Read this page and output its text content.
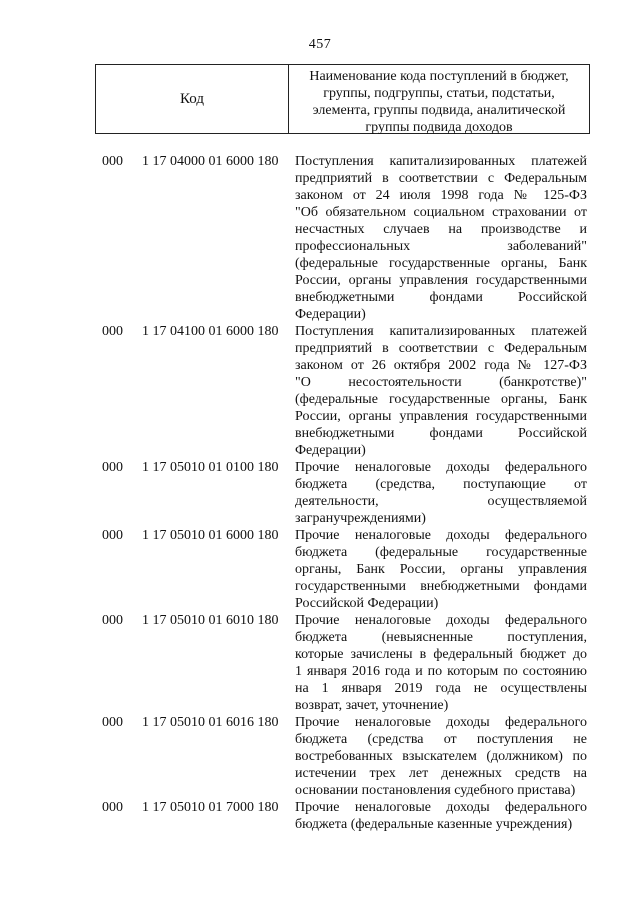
457
Код
Наименование кода поступлений в бюджет,
группы, подгруппы, статьи, подстатьи,
элемента, группы подвида, аналитической
группы подвида доходов
000 1 17 04000 01 6000 180 Поступления капитализированных платежей
предприятий в соответствии с Федеральным
законом от 24 июля 1998 года № 125-ФЗ
"Об обязательном социальном страховании от
несчастных случаев на производстве и
профессиональных заболеваний"
(федеральные государственные органы, Банк
России, органы управления государственными
внебюджетными фондами Российской
Федерации)
000 1 17 04100 01 6000 180 Поступления капитализированных платежей
предприятий в соответствии с Федеральным
законом от 26 октября 2002 года № 127-ФЗ
"О несостоятельности (банкротстве)"
(федеральные государственные органы, Банк
России, органы управления государственными
внебюджетными фондами Российской
Федерации)
000 1 17 05010 01 0100 180 Прочие неналоговые доходы федерального
бюджета (средства, поступающие от
деятельности, осуществляемой
загранучреждениями)
000 1 17 05010 01 6000 180 Прочие неналоговые доходы федерального
бюджета (федеральные государственные
органы, Банк России, органы управления
государственными внебюджетными фондами
Российской Федерации)
000 1 17 05010 01 6010 180 Прочие неналоговые доходы федерального
бюджета (невыясненные поступления,
которые зачислены в федеральный бюджет до
1 января 2016 года и по которым по состоянию
на 1 января 2019 года не осуществлены
возврат, зачет, уточнение)
000 1 17 05010 01 6016 180 Прочие неналоговые доходы федерального
бюджета (средства от поступления не
востребованных взыскателем (должником) по
истечении трех лет денежных средств на
основании постановления судебного пристава)
000 1 17 05010 01 7000 180 Прочие неналоговые доходы федерального
бюджета (федеральные казенные учреждения)
